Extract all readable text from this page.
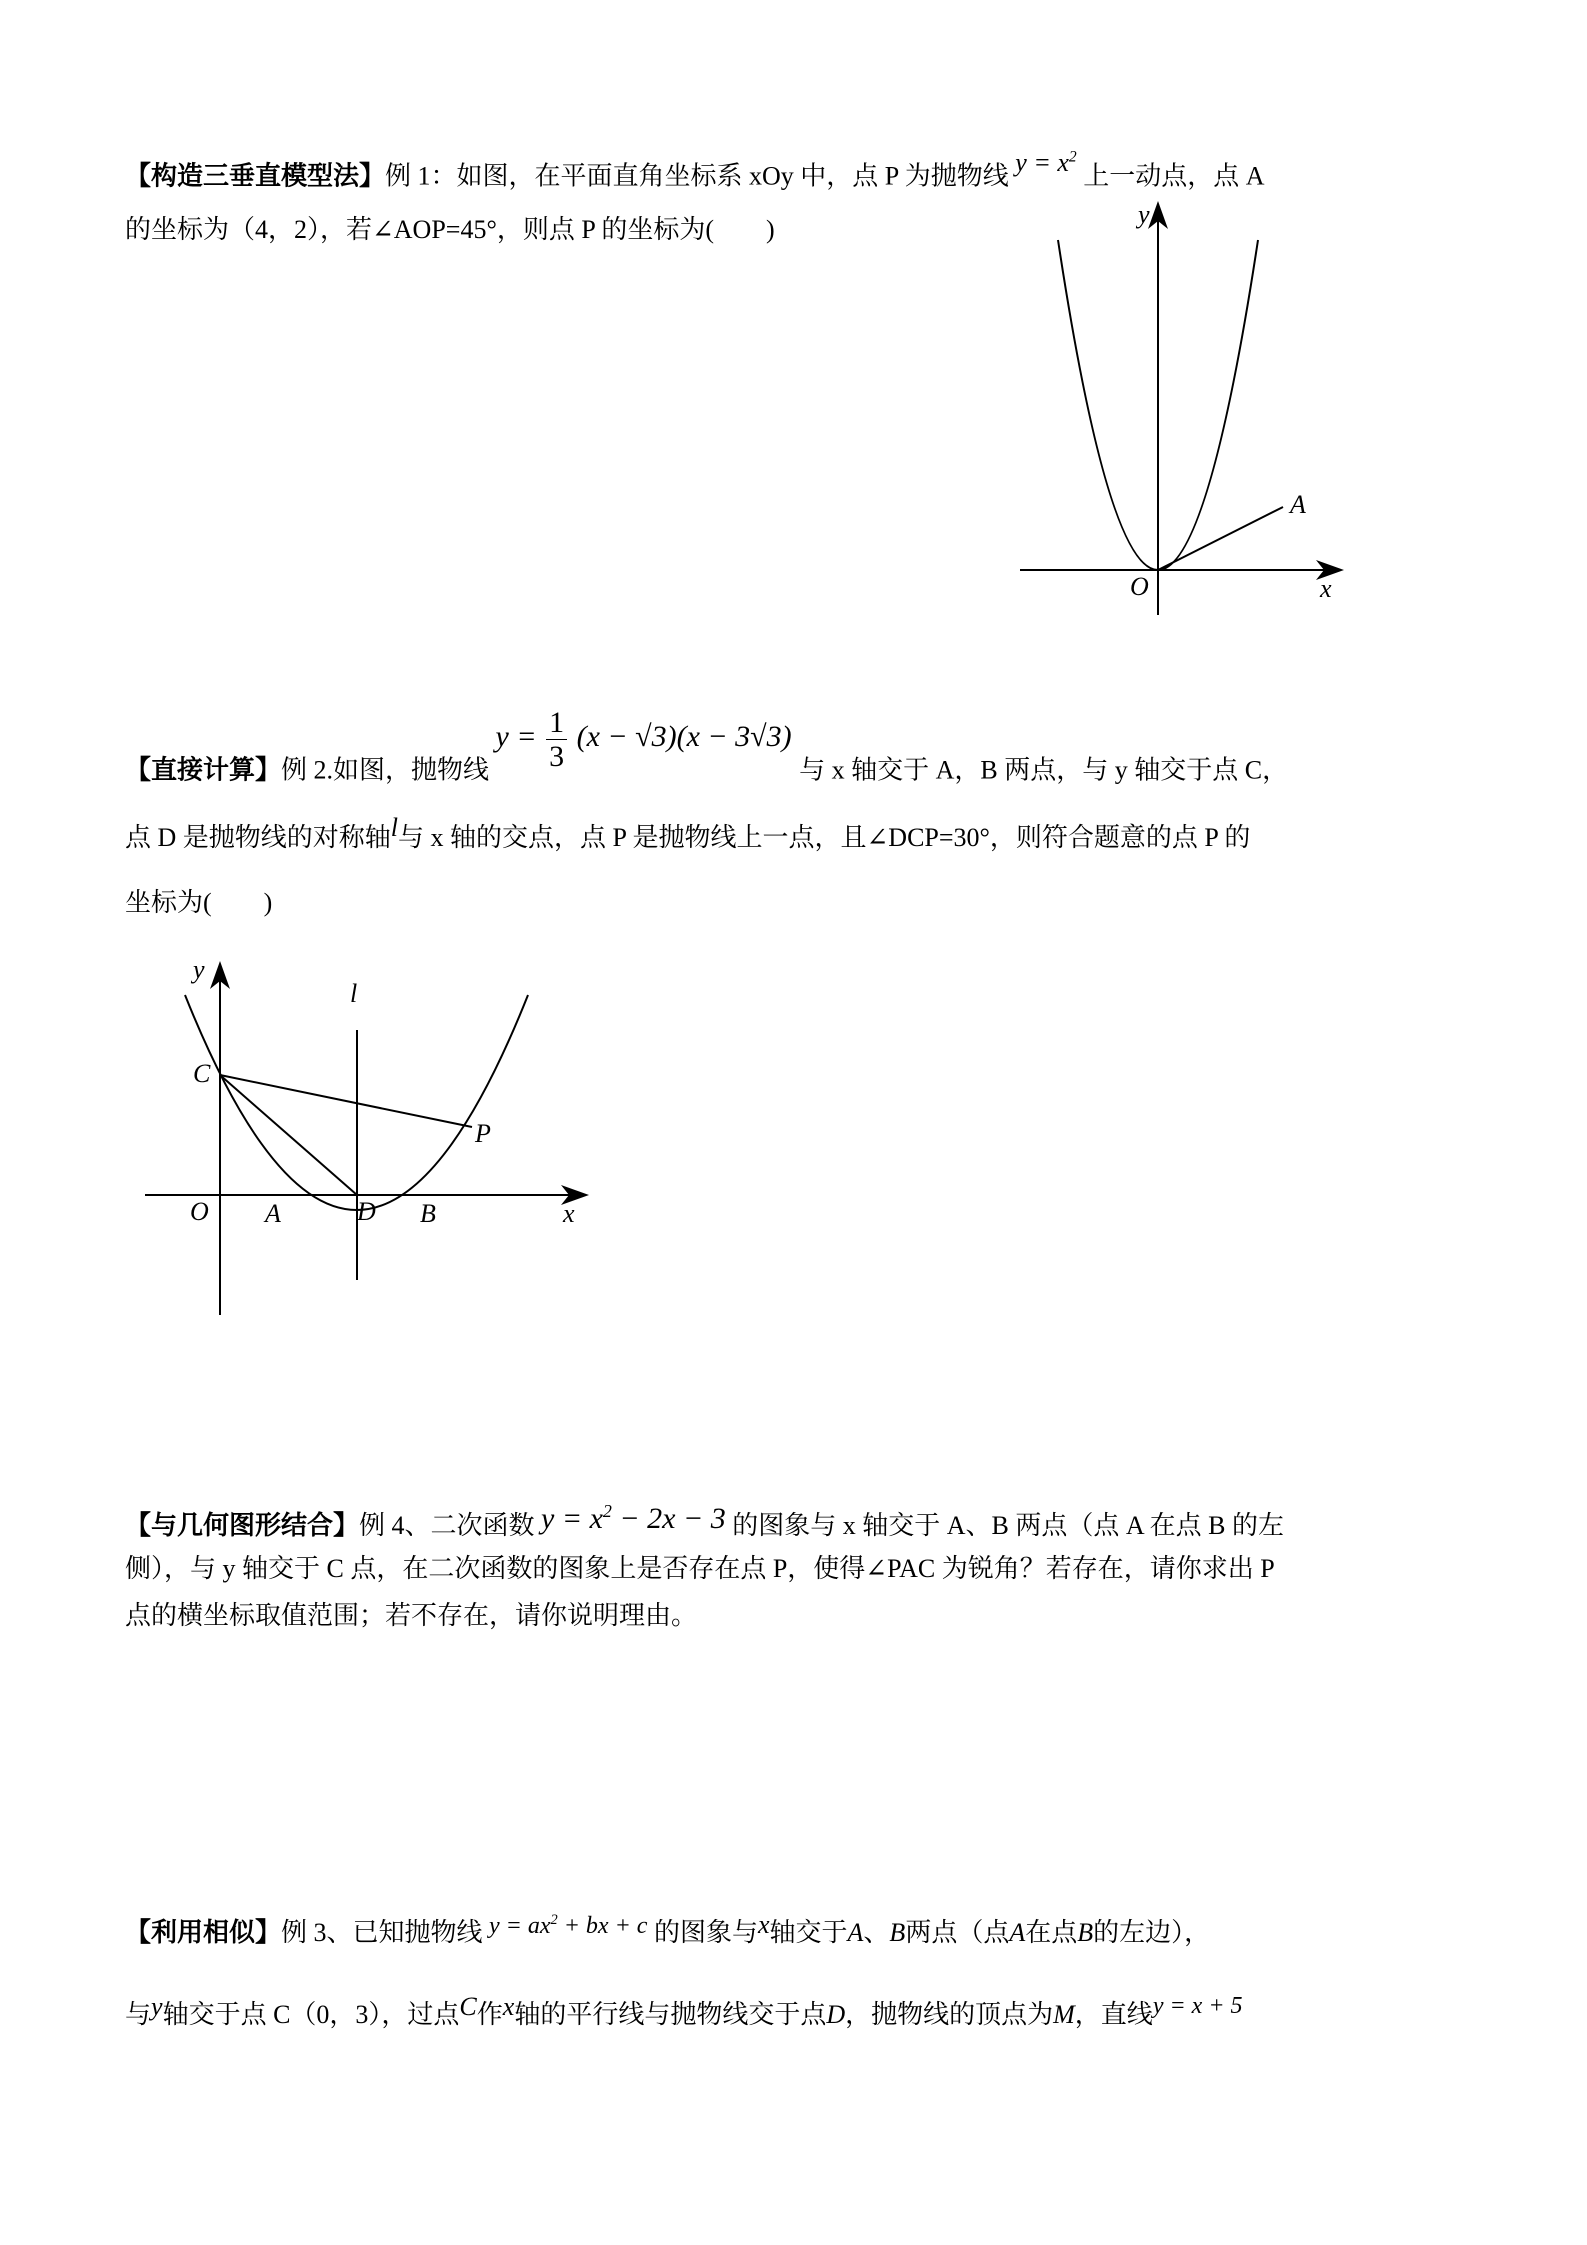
【构造三垂直模型法】例 1：如图，在平面直角坐标系 xOy 中，点 P 为抛物线 $y = x^2$ 上一动点，点 A
的坐标为（4，2），若∠AOP=45°，则点 P 的坐标为(　　)
y
x
O
A
【直接计算】例 2.如图，抛物线 $y = \frac{1}{3} (x - √3)(x - 3√3)$ 与 x 轴交于 A，B 两点，与 y 轴交于点 C，
点 D 是抛物线的对称轴l与 x 轴的交点，点 P 是抛物线上一点，且∠DCP=30°，则符合题意的点 P 的
坐标为(　　)
y
l
C
P
O A	D B	x
【与几何图形结合】例 4、二次函数 $y = x^2 - 2x - 3$ 的图象与 x 轴交于 A、B 两点（点 A 在点 B 的左
侧），与 y 轴交于 C 点，在二次函数的图象上是否存在点 P，使得∠PAC 为锐角？若存在，请你求出 P
点的横坐标取值范围；若不存在，请你说明理由。
【利用相似】例 3、已知抛物线 $y = ax^2$ + bx + c 的图象与x轴交于A、B两点（点A在点B的左边），
与y轴交于点 C（0，3），过点C作x轴的平行线与抛物线交于点D，抛物线的顶点为M，直线y = x + 5
